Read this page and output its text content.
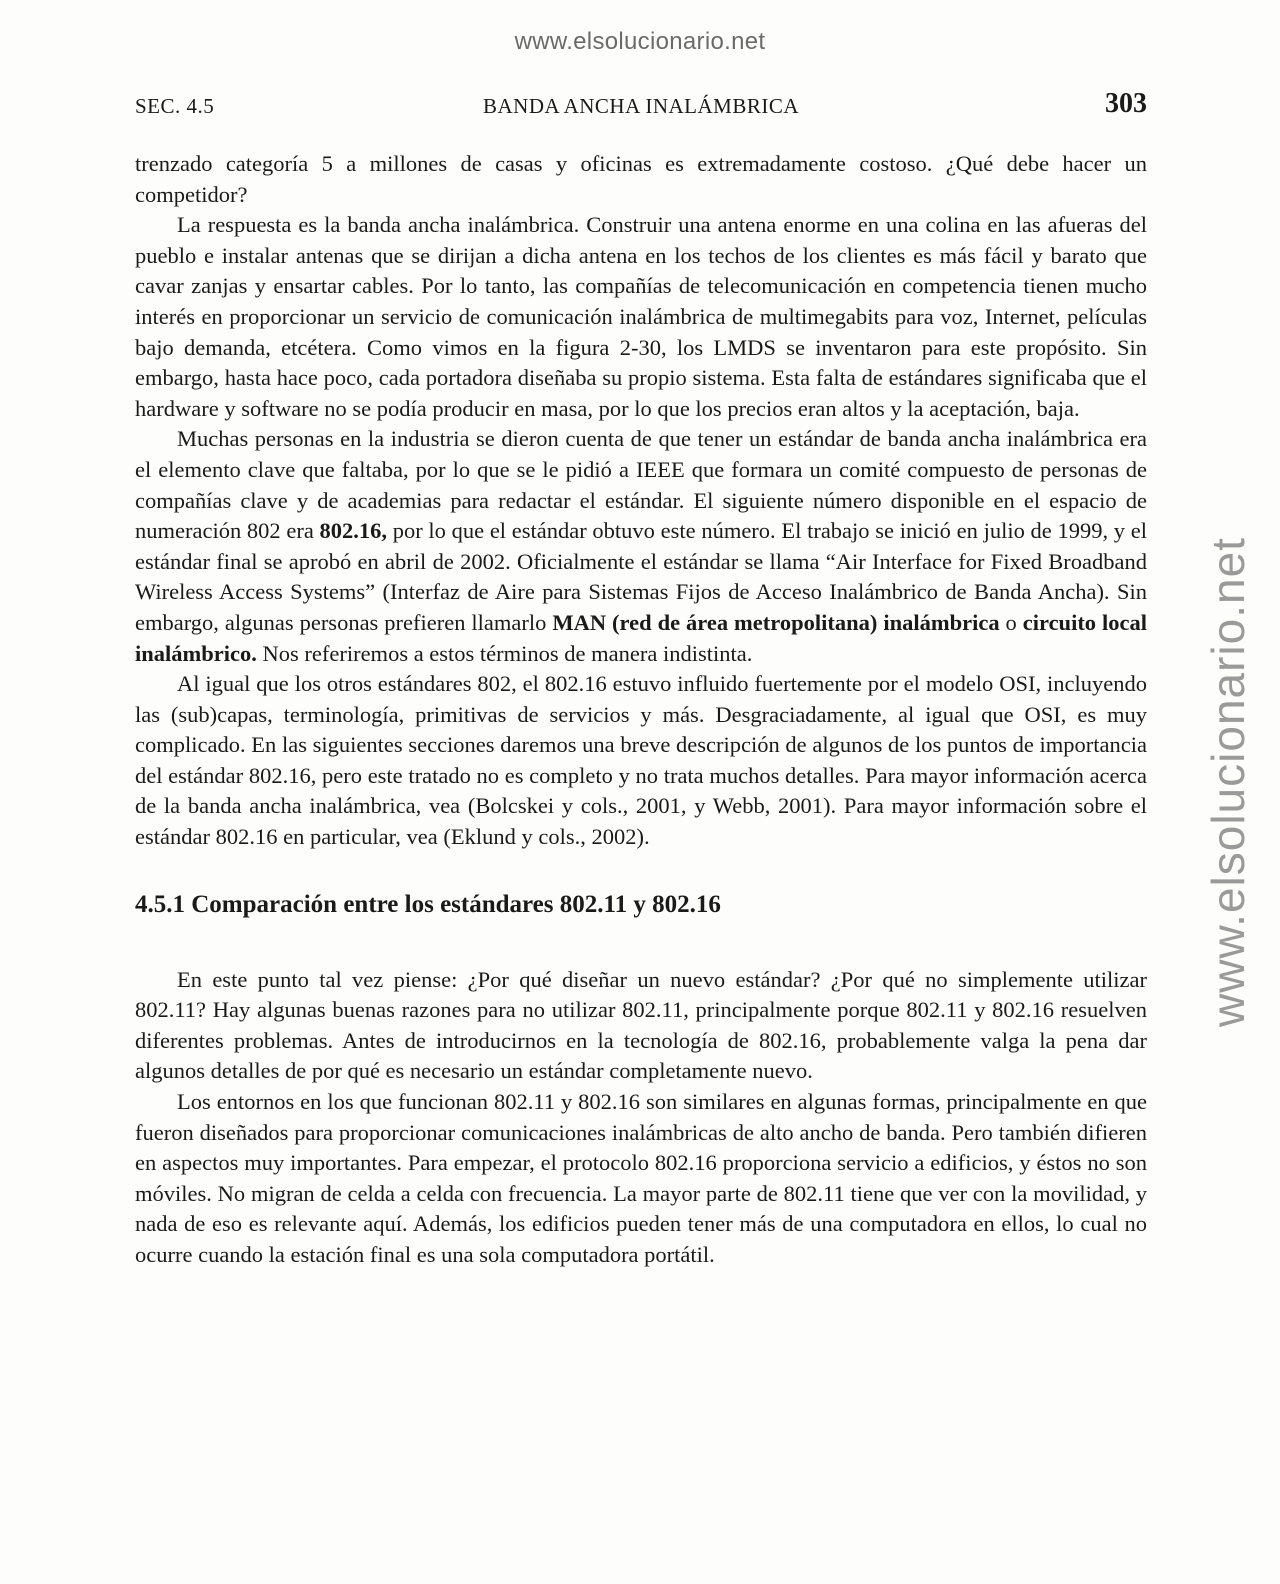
www.elsolucionario.net
www.elsolucionario.net
SEC. 4.5	BANDA ANCHA INALÁMBRICA	303

trenzado categoría 5 a millones de casas y oficinas es extremadamente costoso. ¿Qué debe hacer un competidor?

La respuesta es la banda ancha inalámbrica. Construir una antena enorme en una colina en las afueras del pueblo e instalar antenas que se dirijan a dicha antena en los techos de los clientes es más fácil y barato que cavar zanjas y ensartar cables. Por lo tanto, las compañías de telecomunicación en competencia tienen mucho interés en proporcionar un servicio de comunicación inalámbrica de multimegabits para voz, Internet, películas bajo demanda, etcétera. Como vimos en la figura 2-30, los LMDS se inventaron para este propósito. Sin embargo, hasta hace poco, cada portadora diseñaba su propio sistema. Esta falta de estándares significaba que el hardware y software no se podía producir en masa, por lo que los precios eran altos y la aceptación, baja.

Muchas personas en la industria se dieron cuenta de que tener un estándar de banda ancha inalámbrica era el elemento clave que faltaba, por lo que se le pidió a IEEE que formara un comité compuesto de personas de compañías clave y de academias para redactar el estándar. El siguiente número disponible en el espacio de numeración 802 era 802.16, por lo que el estándar obtuvo este número. El trabajo se inició en julio de 1999, y el estándar final se aprobó en abril de 2002. Oficialmente el estándar se llama “Air Interface for Fixed Broadband Wireless Access Systems” (Interfaz de Aire para Sistemas Fijos de Acceso Inalámbrico de Banda Ancha). Sin embargo, algunas personas prefieren llamarlo MAN (red de área metropolitana) inalámbrica o circuito local inalámbrico. Nos referiremos a estos términos de manera indistinta.

Al igual que los otros estándares 802, el 802.16 estuvo influido fuertemente por el modelo OSI, incluyendo las (sub)capas, terminología, primitivas de servicios y más. Desgraciadamente, al igual que OSI, es muy complicado. En las siguientes secciones daremos una breve descripción de algunos de los puntos de importancia del estándar 802.16, pero este tratado no es completo y no trata muchos detalles. Para mayor información acerca de la banda ancha inalámbrica, vea (Bolcskei y cols., 2001, y Webb, 2001). Para mayor información sobre el estándar 802.16 en particular, vea (Eklund y cols., 2002).

4.5.1 Comparación entre los estándares 802.11 y 802.16

En este punto tal vez piense: ¿Por qué diseñar un nuevo estándar? ¿Por qué no simplemente utilizar 802.11? Hay algunas buenas razones para no utilizar 802.11, principalmente porque 802.11 y 802.16 resuelven diferentes problemas. Antes de introducirnos en la tecnología de 802.16, probablemente valga la pena dar algunos detalles de por qué es necesario un estándar completamente nuevo.

Los entornos en los que funcionan 802.11 y 802.16 son similares en algunas formas, principalmente en que fueron diseñados para proporcionar comunicaciones inalámbricas de alto ancho de banda. Pero también difieren en aspectos muy importantes. Para empezar, el protocolo 802.16 proporciona servicio a edificios, y éstos no son móviles. No migran de celda a celda con frecuencia. La mayor parte de 802.11 tiene que ver con la movilidad, y nada de eso es relevante aquí. Además, los edificios pueden tener más de una computadora en ellos, lo cual no ocurre cuando la estación final es una sola computadora portátil.
